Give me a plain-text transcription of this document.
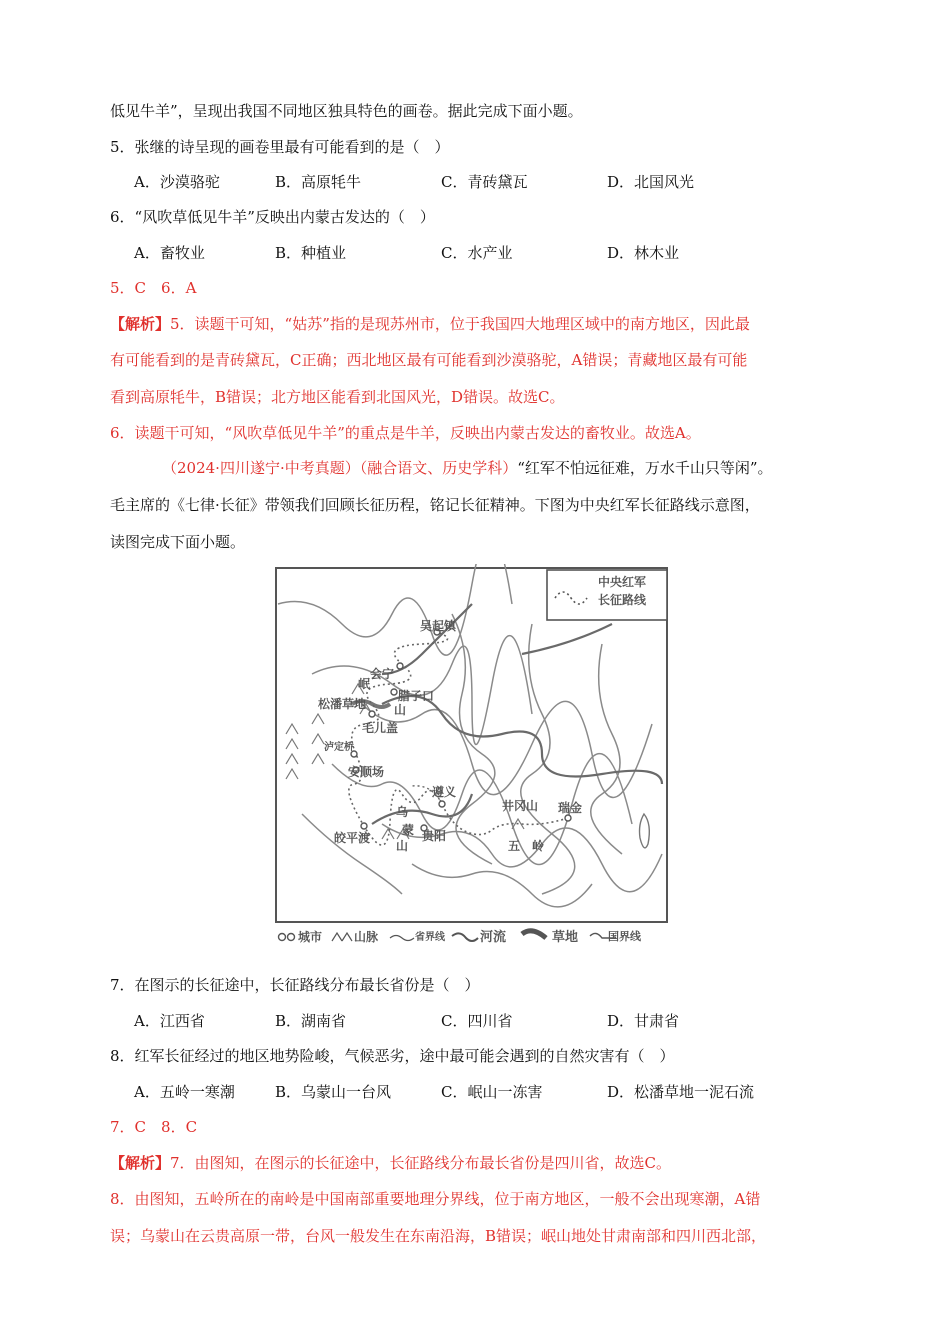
低见牛羊”，呈现出我国不同地区独具特色的画卷。据此完成下面小题。
5．张继的诗呈现的画卷里最有可能看到的是（　）
A．沙漠骆驼	B．高原牦牛	C．青砖黛瓦	D．北国风光
6．“风吹草低见牛羊”反映出内蒙古发达的（　）
A．畜牧业	B．种植业	C．水产业	D．林木业
5．C　6．A
【解析】5．读题干可知，“姑苏”指的是现苏州市，位于我国四大地理区域中的南方地区，因此最
有可能看到的是青砖黛瓦，C正确；西北地区最有可能看到沙漠骆驼，A错误；青藏地区最有可能
看到高原牦牛，B错误；北方地区能看到北国风光，D错误。故选C。
6．读题干可知，“风吹草低见牛羊”的重点是牛羊，反映出内蒙古发达的畜牧业。故选A。
（2024·四川遂宁·中考真题）（融合语文、历史学科）“红军不怕远征难，万水千山只等闲”。
毛主席的《七律·长征》带领我们回顾长征历程，铭记长征精神。下图为中央红军长征路线示意图，
读图完成下面小题。
中央红军
长征路线
吴起镇
会宁
岷
山
腊子口
松潘草地
毛儿盖
泸定桥
安顺场
遵义
乌
蒙
山
贵阳
皎平渡
井冈山 瑞金
五　岭
城市	山脉	省界线	河流	草地	国界线
7．在图示的长征途中，长征路线分布最长省份是（　）
A．江西省	B．湖南省	C．四川省	D．甘肃省
8．红军长征经过的地区地势险峻，气候恶劣，途中最可能会遇到的自然灾害有（　）
A．五岭一寒潮	B．乌蒙山一台风	C．岷山一冻害	D．松潘草地一泥石流
7．C　8．C
【解析】7．由图知，在图示的长征途中，长征路线分布最长省份是四川省，故选C。
8．由图知，五岭所在的南岭是中国南部重要地理分界线，位于南方地区，一般不会出现寒潮，A错
误；乌蒙山在云贵高原一带，台风一般发生在东南沿海，B错误；岷山地处甘肃南部和四川西北部，
